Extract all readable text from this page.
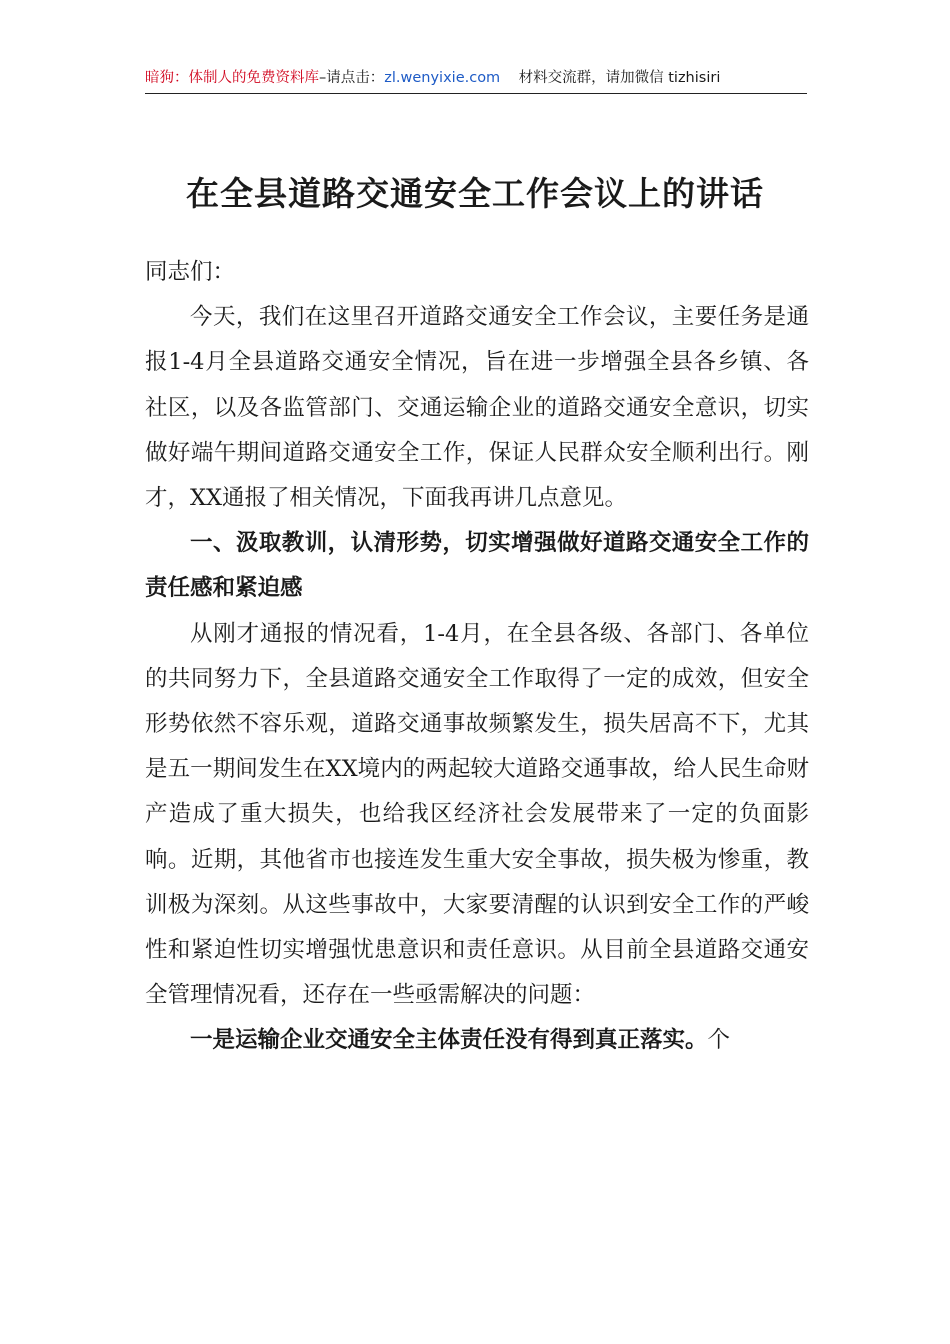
暗狗：体制人的免费资料库–请点击：zl.wenyixie.com 材料交流群，请加微信 tizhisiri
在全县道路交通安全工作会议上的讲话

同志们：

今天，我们在这里召开道路交通安全工作会议，主要任务是通报1-4月全县道路交通安全情况，旨在进一步增强全县各乡镇、各社区，以及各监管部门、交通运输企业的道路交通安全意识，切实做好端午期间道路交通安全工作，保证人民群众安全顺利出行。刚才，XX通报了相关情况，下面我再讲几点意见。

一、汲取教训，认清形势，切实增强做好道路交通安全工作的责任感和紧迫感

从刚才通报的情况看，1-4月，在全县各级、各部门、各单位的共同努力下，全县道路交通安全工作取得了一定的成效，但安全形势依然不容乐观，道路交通事故频繁发生，损失居高不下，尤其是五一期间发生在XX境内的两起较大道路交通事故，给人民生命财产造成了重大损失，也给我区经济社会发展带来了一定的负面影响。近期，其他省市也接连发生重大安全事故，损失极为惨重，教训极为深刻。从这些事故中，大家要清醒的认识到安全工作的严峻性和紧迫性切实增强忧患意识和责任意识。从目前全县道路交通安全管理情况看，还存在一些亟需解决的问题：

一是运输企业交通安全主体责任没有得到真正落实。个
